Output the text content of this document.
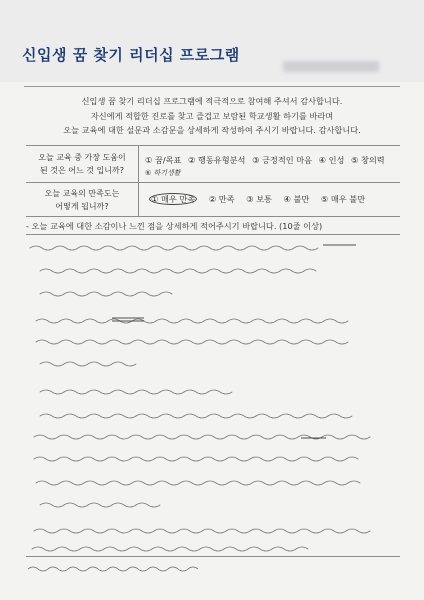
신입생 꿈 찾기 리더십 프로그램
신입생 꿈 찾기 리더십 프로그램에 적극적으로 참여해 주셔서 감사합니다.
자신에게 적합한 진로를 찾고 즐겁고 보람된 학교생활 하기를 바라며
오늘 교육에 대한 설문과 소감문을 상세하게 작성하여 주시기 바랍니다. 감사합니다.
오늘 교육 중 가장 도움이
된 것은 어느 것 입니까?
① 꿈/목표 ② 행동유형분석 ③ 긍정적인 마음 ④ 인성 ⑤ 창의력
⑥ 하기생활
오늘 교육의 만족도는
어떻게 됩니까?
① 매우 만족 ② 만족 ③ 보통 ④ 불만 ⑤ 매우 불만
- 오늘 교육에 대한 소감이나 느낀 점을 상세하게 적어주시기 바랍니다. (10줄 이상)
